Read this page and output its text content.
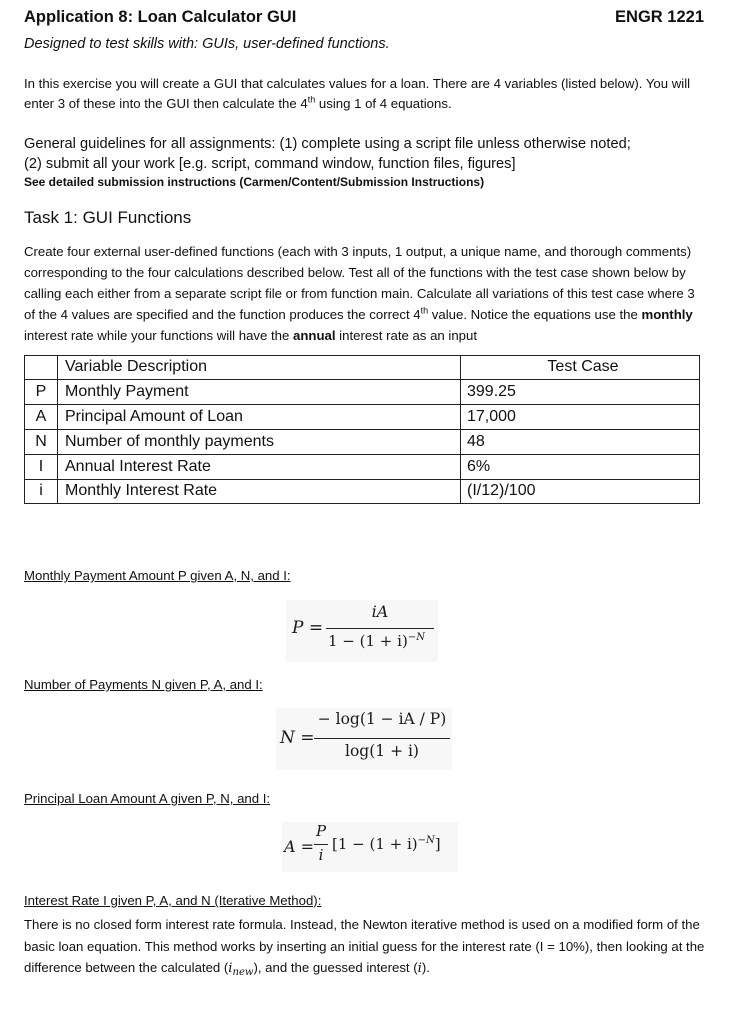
Application 8: Loan Calculator GUI	ENGR 1221
Designed to test skills with: GUIs, user-defined functions.

In this exercise you will create a GUI that calculates values for a loan. There are 4 variables (listed below). You will enter 3 of these into the GUI then calculate the 4th using 1 of 4 equations.

General guidelines for all assignments: (1) complete using a script file unless otherwise noted;
(2) submit all your work [e.g. script, command window, function files, figures]
See detailed submission instructions (Carmen/Content/Submission Instructions)
Task 1: GUI Functions

Create four external user-defined functions (each with 3 inputs, 1 output, a unique name, and thorough comments) corresponding to the four calculations described below. Test all of the functions with the test case shown below by calling each either from a separate script file or from function main. Calculate all variations of this test case where 3 of the 4 values are specified and the function produces the correct 4th value. Notice the equations use the monthly interest rate while your functions will have the annual interest rate as an input

	Variable Description	Test Case
P	Monthly Payment	399.25
A	Principal Amount of Loan	17,000
N	Number of monthly payments	48
I	Annual Interest Rate	6%
i	Monthly Interest Rate	(I/12)/100
Monthly Payment Amount P given A, N, and I:
P =
iA
$1 - (1 + i)^{-N}$
Number of Payments N given P, A, and I:
N =
− log(1 − iA / P)
log(1 + i)
Principal Loan Amount A given P, N, and I:
A =
P
i
$[1 - (1 + i)^{-N}]$
Interest Rate I given P, A, and N (Iterative Method):

There is no closed form interest rate formula. Instead, the Newton iterative method is used on a modified form of the basic loan equation. This method works by inserting an initial guess for the interest rate (I = 10%), then looking at the difference between the calculated $(i_{new})$, and the guessed interest (i).
